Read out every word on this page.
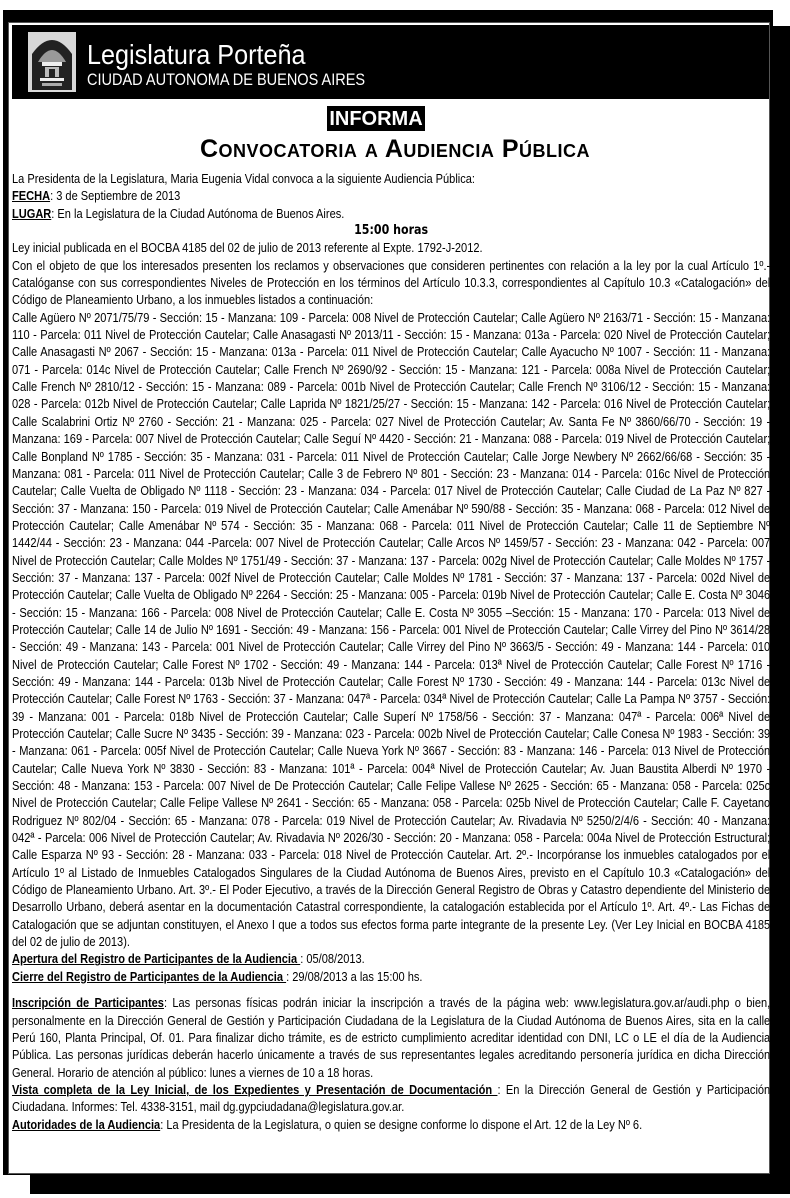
Legislatura Porteña
CIUDAD AUTONOMA DE BUENOS AIRES
INFORMA
Convocatoria a Audiencia Pública

La Presidenta de la Legislatura, Maria Eugenia Vidal convoca a la siguiente Audiencia Pública:

FECHA: 3 de Septiembre de 2013

LUGAR: En la Legislatura de la Ciudad Autónoma de Buenos Aires.

15:00 horas

Ley inicial publicada en el BOCBA 4185 del 02 de julio de 2013 referente al Expte. 1792-J-2012.

Con el objeto de que los interesados presenten los reclamos y observaciones que consideren pertinentes con relación a la ley por la cual Artículo 1º.- Catalóganse con sus correspondientes Niveles de Protección en los términos del Artículo 10.3.3, correspondientes al Capítulo 10.3 «Catalogación» del Código de Planeamiento Urbano, a los inmuebles listados a continuación:

Calle Agüero Nº 2071/75/79 - Sección: 15 - Manzana: 109 - Parcela: 008 Nivel de Protección Cautelar; Calle Agüero Nº 2163/71 - Sección: 15 - Manzana: 110 - Parcela: 011 Nivel de Protección Cautelar; Calle Anasagasti Nº 2013/11 - Sección: 15 - Manzana: 013a - Parcela: 020 Nivel de Protección Cautelar; Calle Anasagasti Nº 2067 - Sección: 15 - Manzana: 013a - Parcela: 011 Nivel de Protección Cautelar; Calle Ayacucho Nº 1007 - Sección: 11 - Manzana: 071 - Parcela: 014c Nivel de Protección Cautelar; Calle French Nº 2690/92 - Sección: 15 - Manzana: 121 - Parcela: 008a Nivel de Protección Cautelar; Calle French Nº 2810/12 - Sección: 15 - Manzana: 089 - Parcela: 001b Nivel de Protección Cautelar; Calle French Nº 3106/12 - Sección: 15 - Manzana: 028 - Parcela: 012b Nivel de Protección Cautelar; Calle Laprida Nº 1821/25/27 - Sección: 15 - Manzana: 142 - Parcela: 016 Nivel de Protección Cautelar; Calle Scalabrini Ortiz Nº 2760 - Sección: 21 - Manzana: 025 - Parcela: 027 Nivel de Protección Cautelar; Av. Santa Fe Nº 3860/66/70 - Sección: 19 - Manzana: 169 - Parcela: 007 Nivel de Protección Cautelar; Calle Seguí Nº 4420 - Sección: 21 - Manzana: 088 - Parcela: 019 Nivel de Protección Cautelar; Calle Bonpland Nº 1785 - Sección: 35 - Manzana: 031 - Parcela: 011 Nivel de Protección Cautelar; Calle Jorge Newbery Nº 2662/66/68 - Sección: 35 - Manzana: 081 - Parcela: 011 Nivel de Protección Cautelar; Calle 3 de Febrero Nº 801 - Sección: 23 - Manzana: 014 - Parcela: 016c Nivel de Protección Cautelar; Calle Vuelta de Obligado Nº 1118 - Sección: 23 - Manzana: 034 - Parcela: 017 Nivel de Protección Cautelar; Calle Ciudad de La Paz Nº 827 - Sección: 37 - Manzana: 150 - Parcela: 019 Nivel de Protección Cautelar; Calle Amenábar Nº 590/88 - Sección: 35 - Manzana: 068 - Parcela: 012 Nivel de Protección Cautelar; Calle Amenábar Nº 574 - Sección: 35 - Manzana: 068 - Parcela: 011 Nivel de Protección Cautelar; Calle 11 de Septiembre Nº 1442/44 - Sección: 23 - Manzana: 044 -Parcela: 007 Nivel de Protección Cautelar; Calle Arcos Nº 1459/57 - Sección: 23 - Manzana: 042 - Parcela: 007 Nivel de Protección Cautelar; Calle Moldes Nº 1751/49 - Sección: 37 - Manzana: 137 - Parcela: 002g Nivel de Protección Cautelar; Calle Moldes Nº 1757 - Sección: 37 - Manzana: 137 - Parcela: 002f Nivel de Protección Cautelar; Calle Moldes Nº 1781 - Sección: 37 - Manzana: 137 - Parcela: 002d Nivel de Protección Cautelar; Calle Vuelta de Obligado Nº 2264 - Sección: 25 - Manzana: 005 - Parcela: 019b Nivel de Protección Cautelar; Calle E. Costa Nº 3046 - Sección: 15 - Manzana: 166 - Parcela: 008 Nivel de Protección Cautelar; Calle E. Costa Nº 3055 –Sección: 15 - Manzana: 170 - Parcela: 013 Nivel de Protección Cautelar; Calle 14 de Julio Nº 1691 - Sección: 49 - Manzana: 156 - Parcela: 001 Nivel de Protección Cautelar; Calle Virrey del Pino Nº 3614/28 - Sección: 49 - Manzana: 143 - Parcela: 001 Nivel de Protección Cautelar; Calle Virrey del Pino Nº 3663/5 - Sección: 49 - Manzana: 144 - Parcela: 010 Nivel de Protección Cautelar; Calle Forest Nº 1702 - Sección: 49 - Manzana: 144 - Parcela: 013ª Nivel de Protección Cautelar; Calle Forest Nº 1716 - Sección: 49 - Manzana: 144 - Parcela: 013b Nivel de Protección Cautelar; Calle Forest Nº 1730 - Sección: 49 - Manzana: 144 - Parcela: 013c Nivel de Protección Cautelar; Calle Forest Nº 1763 - Sección: 37 - Manzana: 047ª - Parcela: 034ª Nivel de Protección Cautelar; Calle La Pampa Nº 3757 - Sección: 39 - Manzana: 001 - Parcela: 018b Nivel de Protección Cautelar; Calle Superí Nº 1758/56 - Sección: 37 - Manzana: 047ª - Parcela: 006ª Nivel de Protección Cautelar; Calle Sucre Nº 3435 - Sección: 39 - Manzana: 023 - Parcela: 002b Nivel de Protección Cautelar; Calle Conesa Nº 1983 - Sección: 39 - Manzana: 061 - Parcela: 005f Nivel de Protección Cautelar; Calle Nueva York Nº 3667 - Sección: 83 - Manzana: 146 - Parcela: 013 Nivel de Protección Cautelar; Calle Nueva York Nº 3830 - Sección: 83 - Manzana: 101ª - Parcela: 004ª Nivel de Protección Cautelar; Av. Juan Baustita Alberdi Nº 1970 - Sección: 48 - Manzana: 153 - Parcela: 007 Nivel de De Protección Cautelar; Calle Felipe Vallese Nº 2625 - Sección: 65 - Manzana: 058 - Parcela: 025c Nivel de Protección Cautelar; Calle Felipe Vallese Nº 2641 - Sección: 65 - Manzana: 058 - Parcela: 025b Nivel de Protección Cautelar; Calle F. Cayetano Rodriguez Nº 802/04 - Sección: 65 - Manzana: 078 - Parcela: 019 Nivel de Protección Cautelar; Av. Rivadavia Nº 5250/2/4/6 - Sección: 40 - Manzana: 042ª - Parcela: 006 Nivel de Protección Cautelar; Av. Rivadavia Nº 2026/30 - Sección: 20 - Manzana: 058 - Parcela: 004a Nivel de Protección Estructural; Calle Esparza Nº 93 - Sección: 28 - Manzana: 033 - Parcela: 018 Nivel de Protección Cautelar. Art. 2º.- Incorpóranse los inmuebles catalogados por el Artículo 1º al Listado de Inmuebles Catalogados Singulares de la Ciudad Autónoma de Buenos Aires, previsto en el Capítulo 10.3 «Catalogación» del Código de Planeamiento Urbano. Art. 3º.- El Poder Ejecutivo, a través de la Dirección General Registro de Obras y Catastro dependiente del Ministerio de Desarrollo Urbano, deberá asentar en la documentación Catastral correspondiente, la catalogación establecida por el Artículo 1º. Art. 4º.- Las Fichas de Catalogación que se adjuntan constituyen, el Anexo I que a todos sus efectos forma parte integrante de la presente Ley. (Ver Ley Inicial en BOCBA 4185 del 02 de julio de 2013).

Apertura del Registro de Participantes de la Audiencia : 05/08/2013.

Cierre del Registro de Participantes de la Audiencia : 29/08/2013 a las 15:00 hs.

Inscripción de Participantes: Las personas físicas podrán iniciar la inscripción a través de la página web: www.legislatura.gov.ar/audi.php o bien, personalmente en la Dirección General de Gestión y Participación Ciudadana de la Legislatura de la Ciudad Autónoma de Buenos Aires, sita en la calle Perú 160, Planta Principal, Of. 01. Para finalizar dicho trámite, es de estricto cumplimiento acreditar identidad con DNI, LC o LE el día de la Audiencia Pública. Las personas jurídicas deberán hacerlo únicamente a través de sus representantes legales acreditando personería jurídica en dicha Dirección General. Horario de atención al público: lunes a viernes de 10 a 18 horas.

Vista completa de la Ley Inicial, de los Expedientes y Presentación de Documentación : En la Dirección General de Gestión y Participación Ciudadana. Informes: Tel. 4338-3151, mail dg.gypciudadana@legislatura.gov.ar.

Autoridades de la Audiencia: La Presidenta de la Legislatura, o quien se designe conforme lo dispone el Art. 12 de la Ley Nº 6.
